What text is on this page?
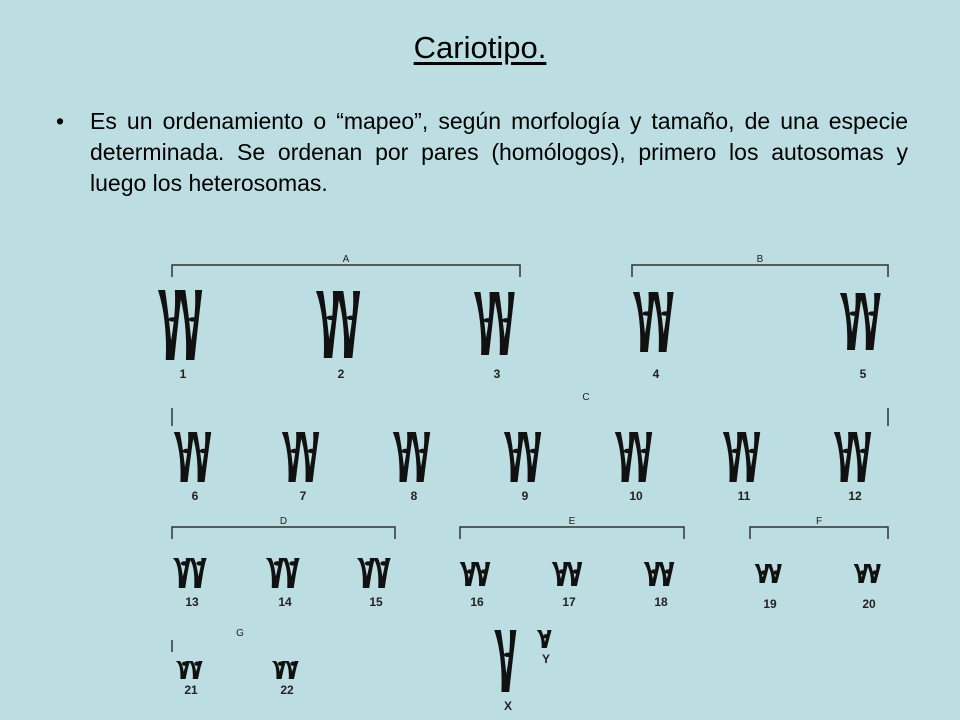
Cariotipo.
•	Es un ordenamiento o “mapeo”, según morfología y tamaño, de una especie determinada. Se ordenan por pares (homólogos), primero los autosomas y luego los heterosomas.
A	B
1	2	3	4	5
C
6	7	8	9	10	11	12
D	E	F
13	14	15	16	17	18	19	20
G
21	22
X
Y
